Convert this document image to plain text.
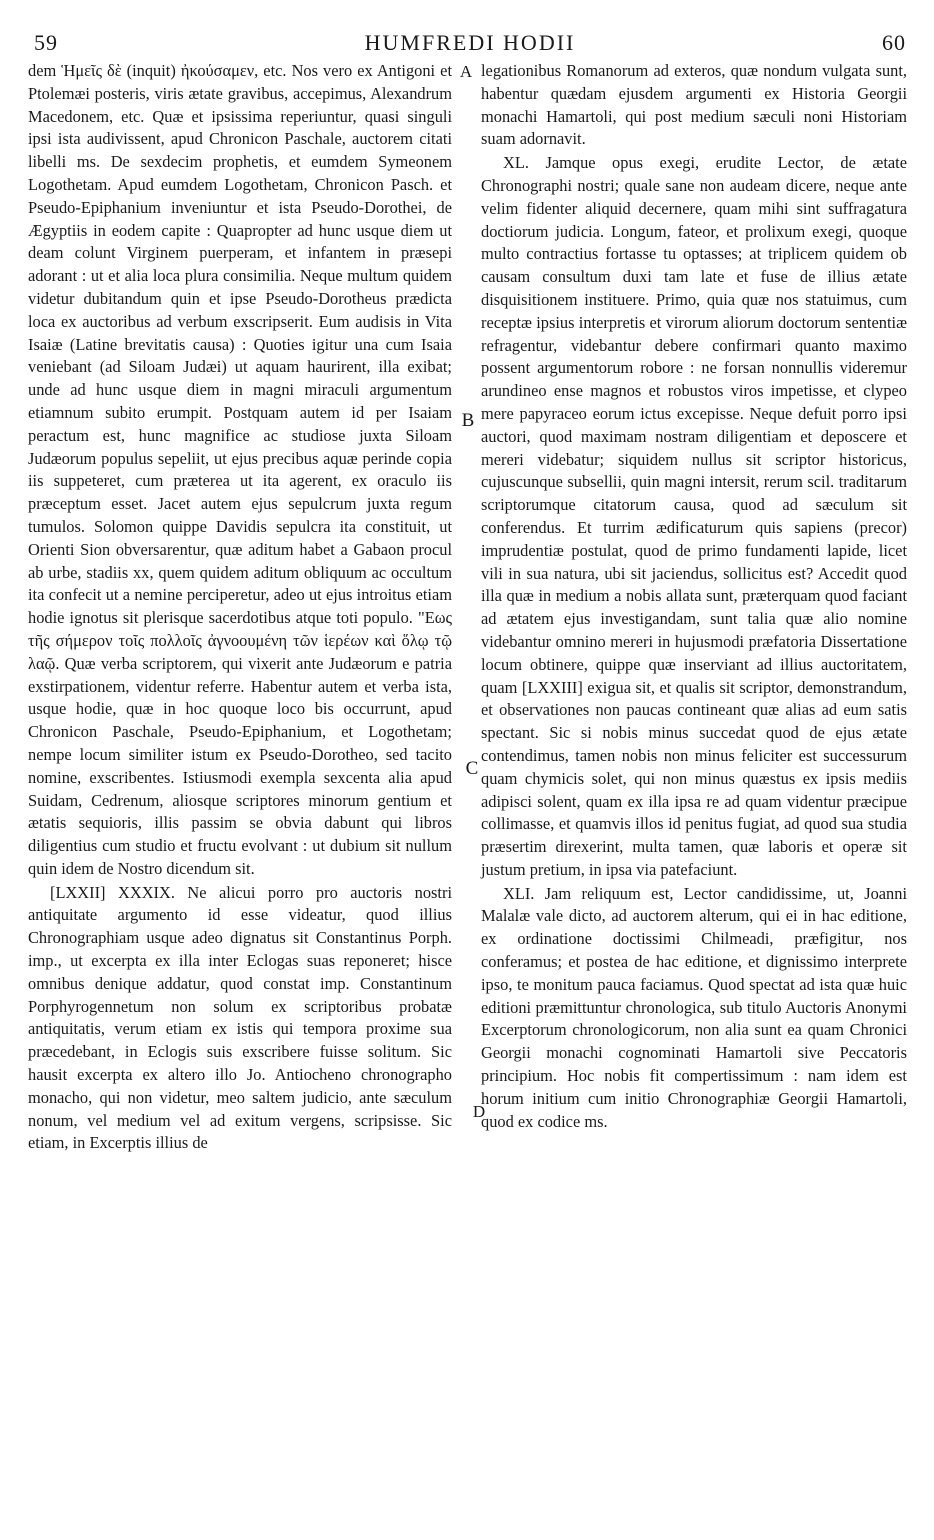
59	HUMFREDI HODII	60

dem Ἡμεῖς δὲ (inquit) ἠκούσαμεν, etc. Nos vero ex Antigoni et Ptolemæi posteris, viris ætate gravibus, accepimus, Alexandrum Macedonem, etc. Quæ et ipsissima reperiuntur, quasi singuli ipsi ista audivissent, apud Chronicon Paschale, auctorem citati libelli ms. De sexdecim prophetis, et eumdem Symeonem Logothetam. Apud eumdem Logothetam, Chronicon Pasch. et Pseudo-Epiphanium inveniuntur et ista Pseudo-Dorothei, de Ægyptiis in eodem capite : Quapropter ad hunc usque diem ut deam colunt Virginem puerperam, et infantem in præsepi adorant : ut et alia loca plura consimilia. Neque multum quidem videtur dubitandum quin et ipse Pseudo-Dorotheus prædicta loca ex auctoribus ad verbum exscripserit. Eum audisis in Vita Isaiæ (Latine brevitatis causa) : Quoties igitur una cum Isaia veniebant (ad Siloam Judæi) ut aquam haurirent, illa exibat; unde ad hunc usque diem in magni miraculi argumentum etiamnum subito erumpit. Postquam autem id per Isaiam peractum est, hunc magnifice ac studiose juxta Siloam Judæorum populus sepeliit, ut ejus precibus aquæ perinde copia iis suppeteret, cum præterea ut ita agerent, ex oraculo iis præceptum esset. Jacet autem ejus sepulcrum juxta regum tumulos. Solomon quippe Davidis sepulcra ita constituit, ut Orienti Sion obversarentur, quæ aditum habet a Gabaon procul ab urbe, stadiis xx, quem quidem aditum obliquum ac occultum ita confecit ut a nemine perciperetur, adeo ut ejus introitus etiam hodie ignotus sit plerisque sacerdotibus atque toti populo. "Εως τῆς σήμερον τοῖς πολλοῖς ἀγνοουμένη τῶν ἱερέων καὶ ὅλῳ τῷ λαῷ. Quæ verba scriptorem, qui vixerit ante Judæorum e patria exstirpationem, videntur referre. Habentur autem et verba ista, usque hodie, quæ in hoc quoque loco bis occurrunt, apud Chronicon Paschale, Pseudo-Epiphanium, et Logothetam; nempe locum similiter istum ex Pseudo-Dorotheo, sed tacito nomine, exscribentes. Istiusmodi exempla sexcenta alia apud Suidam, Cedrenum, aliosque scriptores minorum gentium et ætatis sequioris, illis passim se obvia dabunt qui libros diligentius cum studio et fructu evolvant : ut dubium sit nullum quin idem de Nostro dicendum sit.

[LXXII] XXXIX. Ne alicui porro pro auctoris nostri antiquitate argumento id esse videatur, quod illius Chronographiam usque adeo dignatus sit Constantinus Porph. imp., ut excerpta ex illa inter Eclogas suas reponeret; hisce omnibus denique addatur, quod constat imp. Constantinum Porphyrogennetum non solum ex scriptoribus probatæ antiquitatis, verum etiam ex istis qui tempora proxime sua præcedebant, in Eclogis suis exscribere fuisse solitum. Sic hausit excerpta ex altero illo Jo. Antiocheno chronographo monacho, qui non videtur, meo saltem judicio, ante sæculum nonum, vel medium vel ad exitum vergens, scripsisse. Sic etiam, in Excerptis illius de

A
B
C
D

legationibus Romanorum ad exteros, quæ nondum vulgata sunt, habentur quædam ejusdem argumenti ex Historia Georgii monachi Hamartoli, qui post medium sæculi noni Historiam suam adornavit.

XL. Jamque opus exegi, erudite Lector, de ætate Chronographi nostri; quale sane non audeam dicere, neque ante velim fidenter aliquid decernere, quam mihi sint suffragatura doctiorum judicia. Longum, fateor, et prolixum exegi, quoque multo contractius fortasse tu optasses; at triplicem quidem ob causam consultum duxi tam late et fuse de illius ætate disquisitionem instituere. Primo, quia quæ nos statuimus, cum receptæ ipsius interpretis et virorum aliorum doctorum sententiæ refragentur, videbantur debere confirmari quanto maximo possent argumentorum robore : ne forsan nonnullis videremur arundineo ense magnos et robustos viros impetisse, et clypeo mere papyraceo eorum ictus excepisse. Neque defuit porro ipsi auctori, quod maximam nostram diligentiam et deposcere et mereri videbatur; siquidem nullus sit scriptor historicus, cujuscunque subsellii, quin magni intersit, rerum scil. traditarum scriptorumque citatorum causa, quod ad sæculum sit conferendus. Et turrim ædificaturum quis sapiens (precor) imprudentiæ postulat, quod de primo fundamenti lapide, licet vili in sua natura, ubi sit jaciendus, sollicitus est? Accedit quod illa quæ in medium a nobis allata sunt, præterquam quod faciant ad ætatem ejus investigandam, sunt talia quæ alio nomine videbantur omnino mereri in hujusmodi præfatoria Dissertatione locum obtinere, quippe quæ inserviant ad illius auctoritatem, quam [LXXIII] exigua sit, et qualis sit scriptor, demonstrandum, et observationes non paucas contineant quæ alias ad eum satis spectant. Sic si nobis minus succedat quod de ejus ætate contendimus, tamen nobis non minus feliciter est successurum quam chymicis solet, qui non minus quæstus ex ipsis mediis adipisci solent, quam ex illa ipsa re ad quam videntur præcipue collimasse, et quamvis illos id penitus fugiat, ad quod sua studia præsertim direxerint, multa tamen, quæ laboris et operæ sit justum pretium, in ipsa via patefaciunt.

XLI. Jam reliquum est, Lector candidissime, ut, Joanni Malalæ vale dicto, ad auctorem alterum, qui ei in hac editione, ex ordinatione doctissimi Chilmeadi, præfigitur, nos conferamus; et postea de hac editione, et dignissimo interprete ipso, te monitum pauca faciamus. Quod spectat ad ista quæ huic editioni præmittuntur chronologica, sub titulo Auctoris Anonymi Excerptorum chronologicorum, non alia sunt ea quam Chronici Georgii monachi cognominati Hamartoli sive Peccatoris principium. Hoc nobis fit compertissimum : nam idem est horum initium cum initio Chronographiæ Georgii Hamartoli, quod ex codice ms.
